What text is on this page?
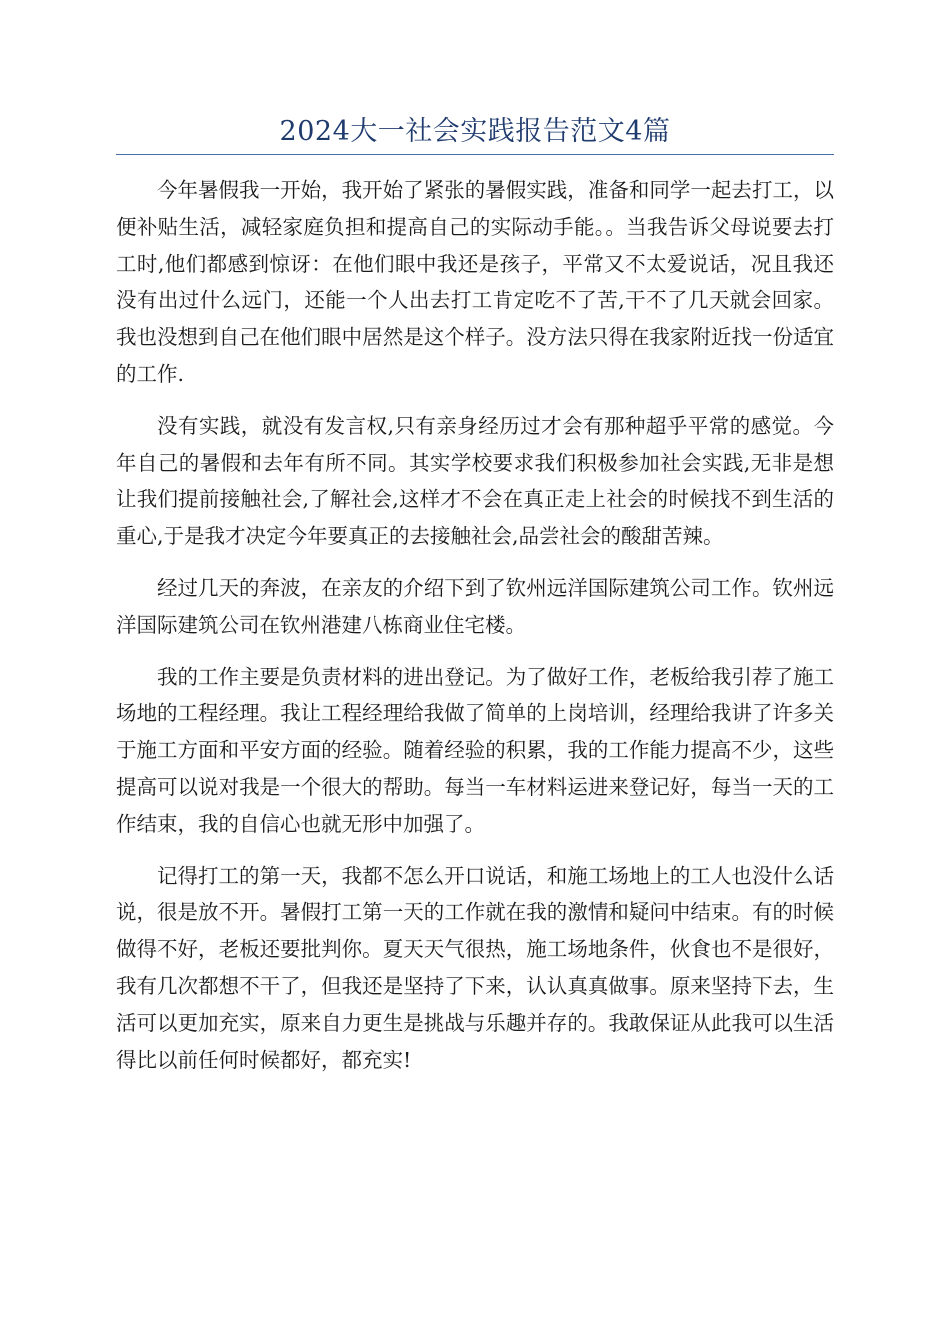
2024大一社会实践报告范文4篇

今年暑假我一开始，我开始了紧张的暑假实践，准备和同学一起去打工，以便补贴生活，减轻家庭负担和提高自己的实际动手能。。当我告诉父母说要去打工时,他们都感到惊讶：在他们眼中我还是孩子，平常又不太爱说话，况且我还没有出过什么远门，还能一个人出去打工肯定吃不了苦,干不了几天就会回家。我也没想到自己在他们眼中居然是这个样子。没方法只得在我家附近找一份适宜的工作.

没有实践，就没有发言权,只有亲身经历过才会有那种超乎平常的感觉。今年自己的暑假和去年有所不同。其实学校要求我们积极参加社会实践,无非是想让我们提前接触社会,了解社会,这样才不会在真正走上社会的时候找不到生活的重心,于是我才决定今年要真正的去接触社会,品尝社会的酸甜苦辣。

经过几天的奔波，在亲友的介绍下到了钦州远洋国际建筑公司工作。钦州远洋国际建筑公司在钦州港建八栋商业住宅楼。

我的工作主要是负责材料的进出登记。为了做好工作，老板给我引荐了施工场地的工程经理。我让工程经理给我做了简单的上岗培训，经理给我讲了许多关于施工方面和平安方面的经验。随着经验的积累，我的工作能力提高不少，这些提高可以说对我是一个很大的帮助。每当一车材料运进来登记好，每当一天的工作结束，我的自信心也就无形中加强了。

记得打工的第一天，我都不怎么开口说话，和施工场地上的工人也没什么话说，很是放不开。暑假打工第一天的工作就在我的激情和疑问中结束。有的时候做得不好，老板还要批判你。夏天天气很热，施工场地条件，伙食也不是很好，我有几次都想不干了，但我还是坚持了下来，认认真真做事。原来坚持下去，生活可以更加充实，原来自力更生是挑战与乐趣并存的。我敢保证从此我可以生活得比以前任何时候都好，都充实!
